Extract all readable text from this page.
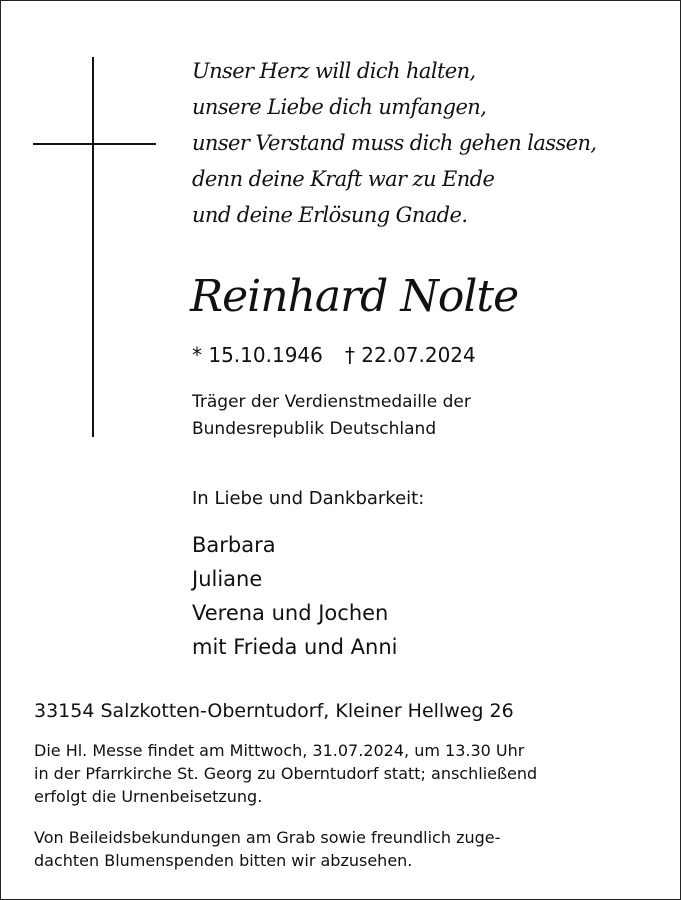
Unser Herz will dich halten,
unsere Liebe dich umfangen,
unser Verstand muss dich gehen lassen,
denn deine Kraft war zu Ende
und deine Erlösung Gnade.
Reinhard Nolte
* 15.10.1946 † 22.07.2024
Träger der Verdienstmedaille der
Bundesrepublik Deutschland
In Liebe und Dankbarkeit:
Barbara
Juliane
Verena und Jochen
mit Frieda und Anni
33154 Salzkotten-Oberntudorf, Kleiner Hellweg 26
Die Hl. Messe findet am Mittwoch, 31.07.2024, um 13.30 Uhr
in der Pfarrkirche St. Georg zu Oberntudorf statt; anschließend
erfolgt die Urnenbeisetzung.
Von Beileidsbekundungen am Grab sowie freundlich zuge-
dachten Blumenspenden bitten wir abzusehen.
